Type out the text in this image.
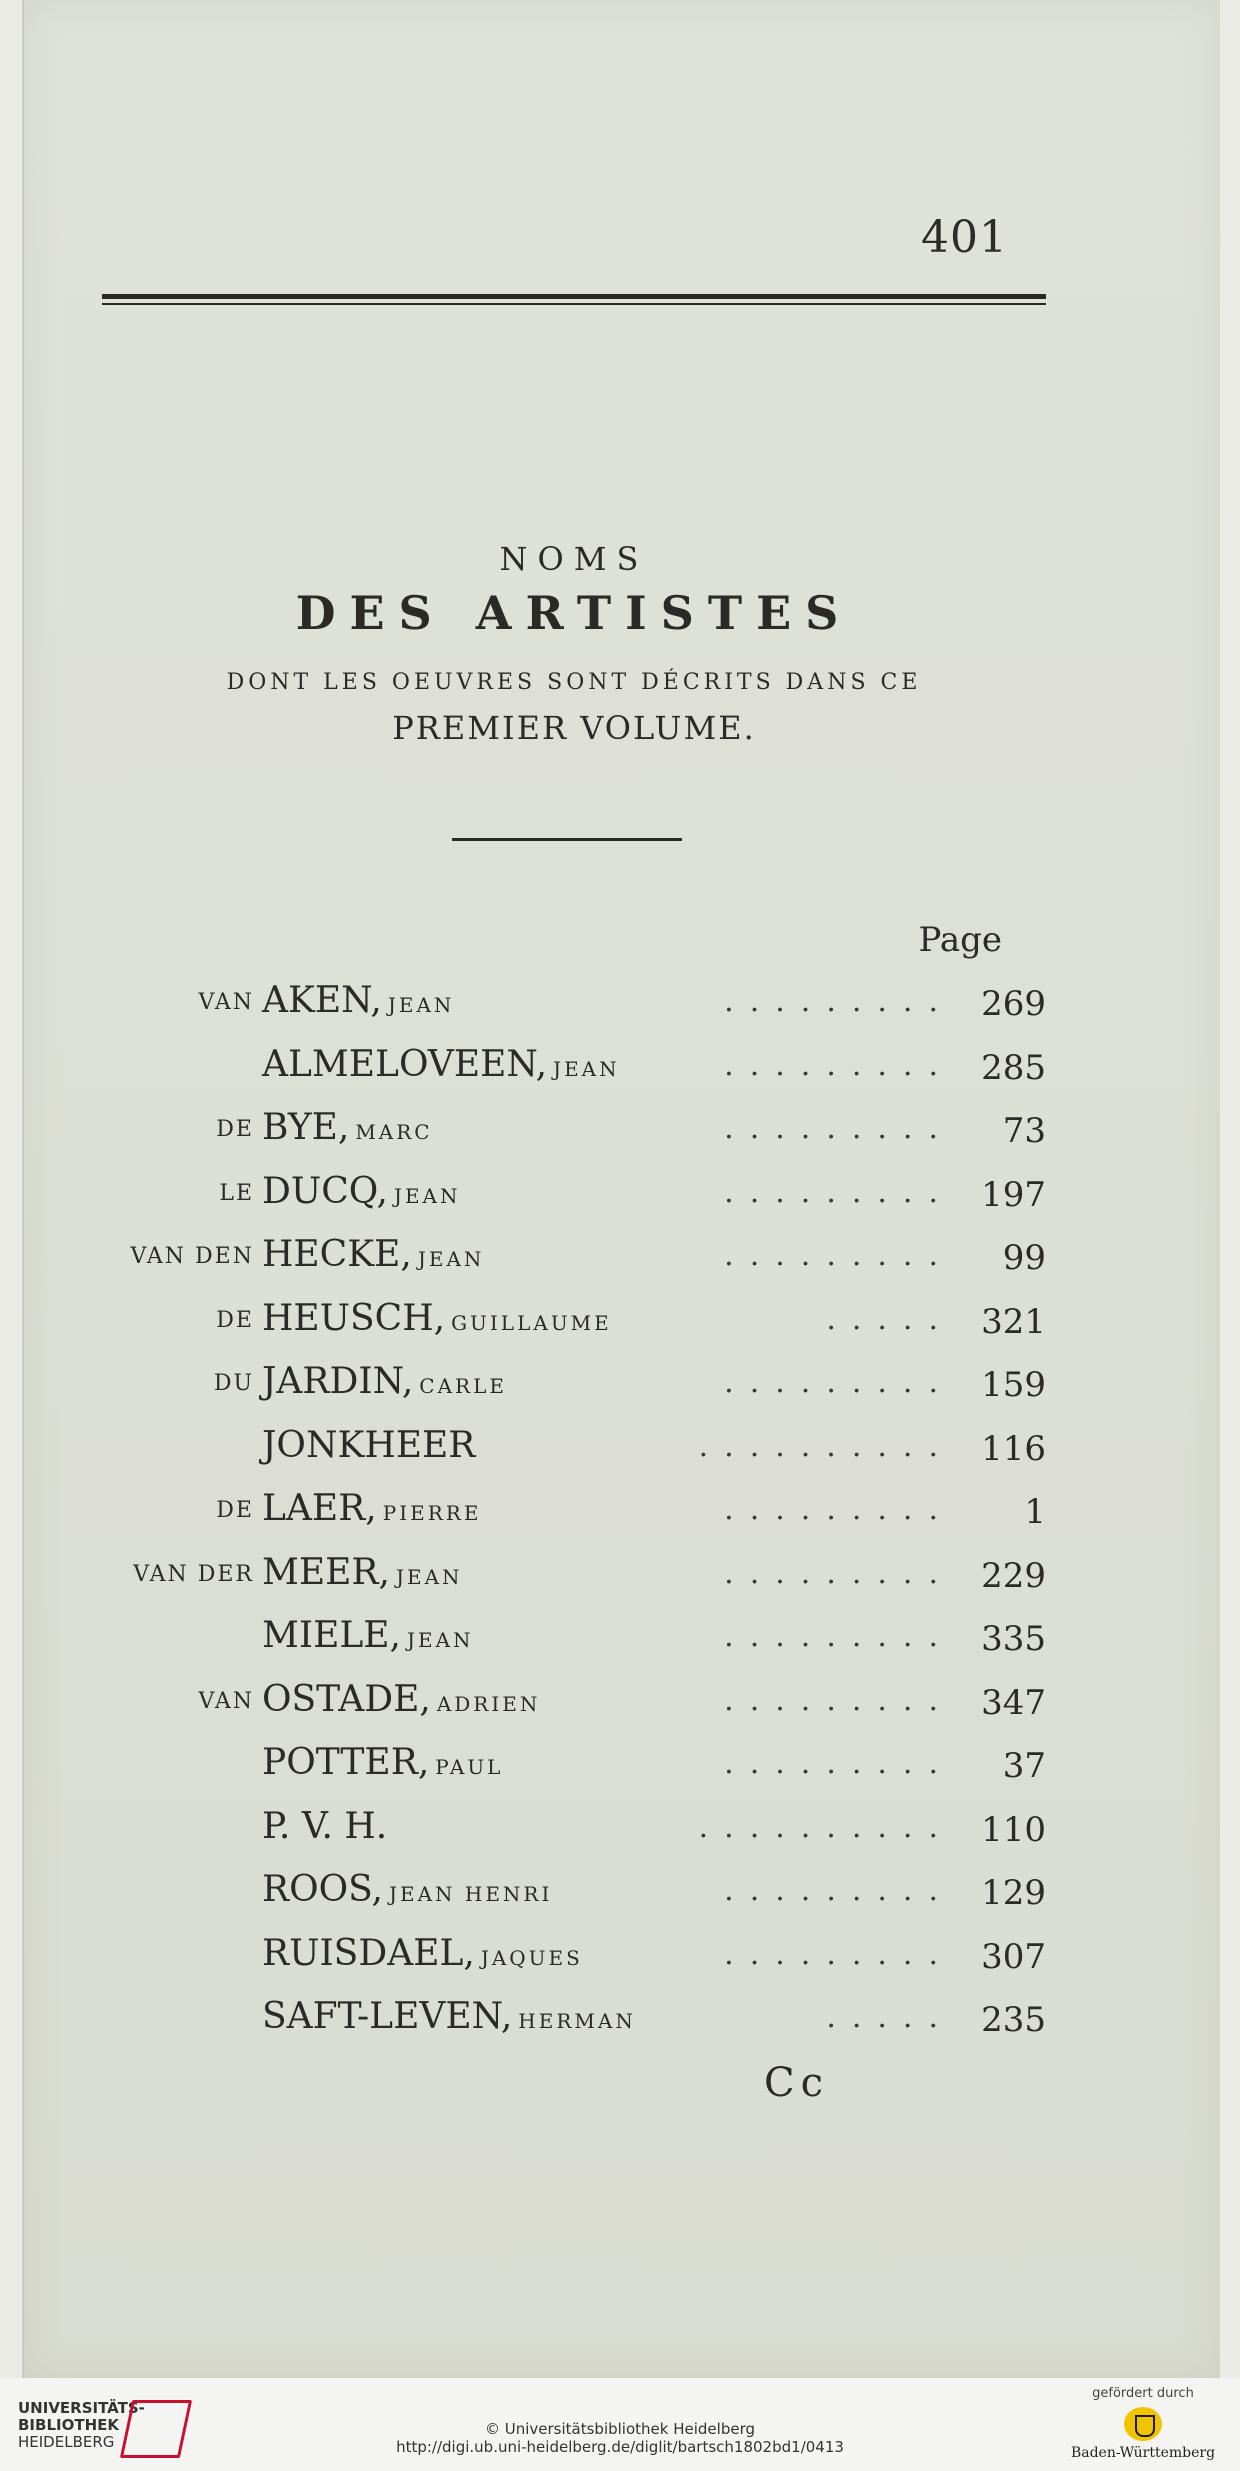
401
NOMS
DES ARTISTES
DONT LES OEUVRES SONT DÉCRITS DANS CE
PREMIER VOLUME.
Page
VAN AKEN, JEAN	......... 269
ALMELOVEEN, JEAN	......... 285
DE BYE, MARC	.........	73
LE DUCQ, JEAN	......... 197
VAN DEN HECKE, JEAN	.........	99
DE HEUSCH, GUILLAUME	..... 321
DU JARDIN, CARLE	......... 159
JONKHEER	.......... 116
DE LAER, PIERRE	.........	1
VAN DER MEER, JEAN	......... 229
MIELE, JEAN	......... 335
VAN OSTADE, ADRIEN	......... 347
POTTER, PAUL	.........	37
P. V. H.	.......... 110
ROOS, JEAN HENRI	......... 129
RUISDAEL, JAQUES	......... 307
SAFT-LEVEN, HERMAN	..... 235
Cc
UNIVERSITÄTS-
BIBLIOTHEK
HEIDELBERG
© Universitätsbibliothek Heidelberg
http://digi.ub.uni-heidelberg.de/diglit/bartsch1802bd1/0413
gefördert durch
Baden-Württemberg
